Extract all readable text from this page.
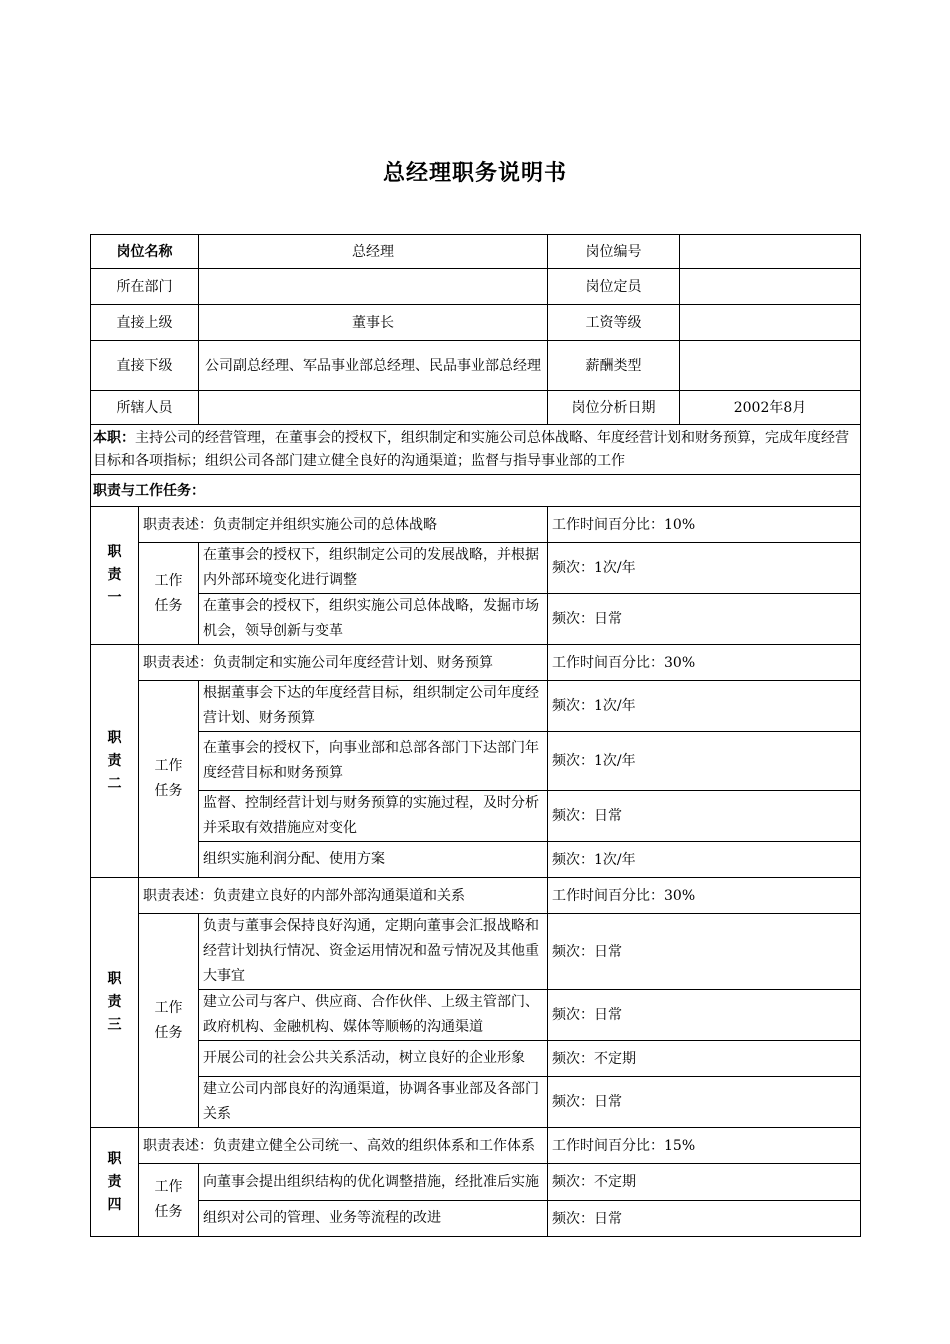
总经理职务说明书
岗位名称		总经理	岗位编号	
所在部门			岗位定员	
直接上级		董事长	工资等级	
直接下级		公司副总经理、军品事业部总经理、民品事业部总经理	薪酬类型	
所辖人员			岗位分析日期	2002年8月
本职：主持公司的经营管理，在董事会的授权下，组织制定和实施公司总体战略、年度经营计划和财务预算，完成年度经营目标和各项指标；组织公司各部门建立健全良好的沟通渠道；监督与指导事业部的工作				
职责与工作任务：				

职
责
一	职责表述：负责制定并组织实施公司的总体战略		工作时间百分比：10%	

	工作
任务	在董事会的授权下，组织制定公司的发展战略，并根据内外部环境变化进行调整	频次：1次/年	
		在董事会的授权下，组织实施公司总体战略，发掘市场机会，领导创新与变革	频次：日常	

职
责
二	职责表述：负责制定和实施公司年度经营计划、财务预算		工作时间百分比：30%	

	工作
任务	根据董事会下达的年度经营目标，组织制定公司年度经营计划、财务预算	频次：1次/年	
		在董事会的授权下，向事业部和总部各部门下达部门年度经营目标和财务预算	频次：1次/年	
		监督、控制经营计划与财务预算的实施过程，及时分析并采取有效措施应对变化	频次：日常	
		组织实施利润分配、使用方案	频次：1次/年	

职
责
三	职责表述：负责建立良好的内部外部沟通渠道和关系		工作时间百分比：30%	

	工作
任务	负责与董事会保持良好沟通，定期向董事会汇报战略和经营计划执行情况、资金运用情况和盈亏情况及其他重大事宜	频次：日常	
		建立公司与客户、供应商、合作伙伴、上级主管部门、政府机构、金融机构、媒体等顺畅的沟通渠道	频次：日常	
		开展公司的社会公共关系活动，树立良好的企业形象	频次：不定期	
		建立公司内部良好的沟通渠道，协调各事业部及各部门关系	频次：日常	

职
责
四	职责表述：负责建立健全公司统一、高效的组织体系和工作体系		工作时间百分比：15%	

	工作
任务	向董事会提出组织结构的优化调整措施，经批准后实施	频次：不定期	
		组织对公司的管理、业务等流程的改进	频次：日常	
